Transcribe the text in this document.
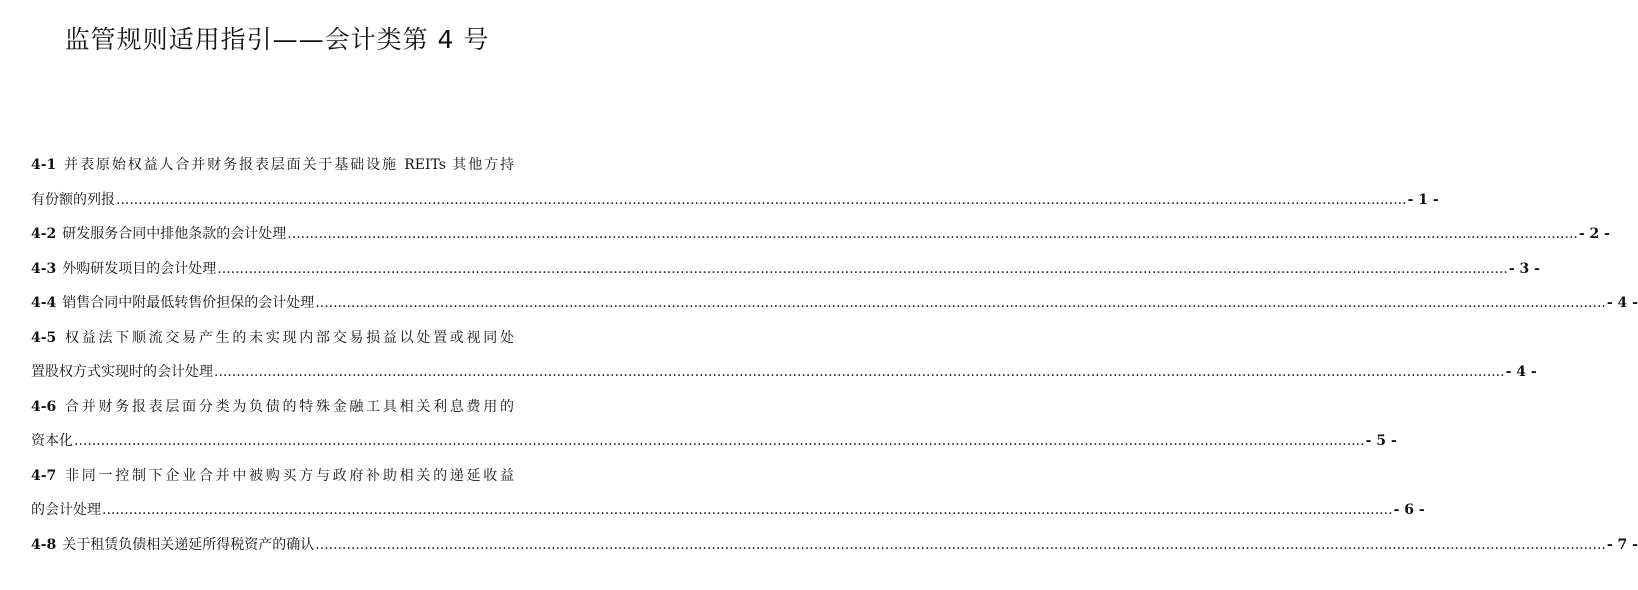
监管规则适用指引——会计类第 4 号
4-1 并表原始权益人合并财务报表层面关于基础设施 REITs 其他方持
有份额的列报 .....	- 1 -
4-2 研发服务合同中排他条款的会计处理 .....	- 2 -
4-3 外购研发项目的会计处理 .....	- 3 -
4-4 销售合同中附最低转售价担保的会计处理 .....	- 4 -
4-5 权益法下顺流交易产生的未实现内部交易损益以处置或视同处
置股权方式实现时的会计处理 .....	- 4 -
4-6 合并财务报表层面分类为负债的特殊金融工具相关利息费用的
资本化 .....	- 5 -
4-7 非同一控制下企业合并中被购买方与政府补助相关的递延收益
的会计处理 .....	- 6 -
4-8 关于租赁负债相关递延所得税资产的确认 .....	- 7 -
